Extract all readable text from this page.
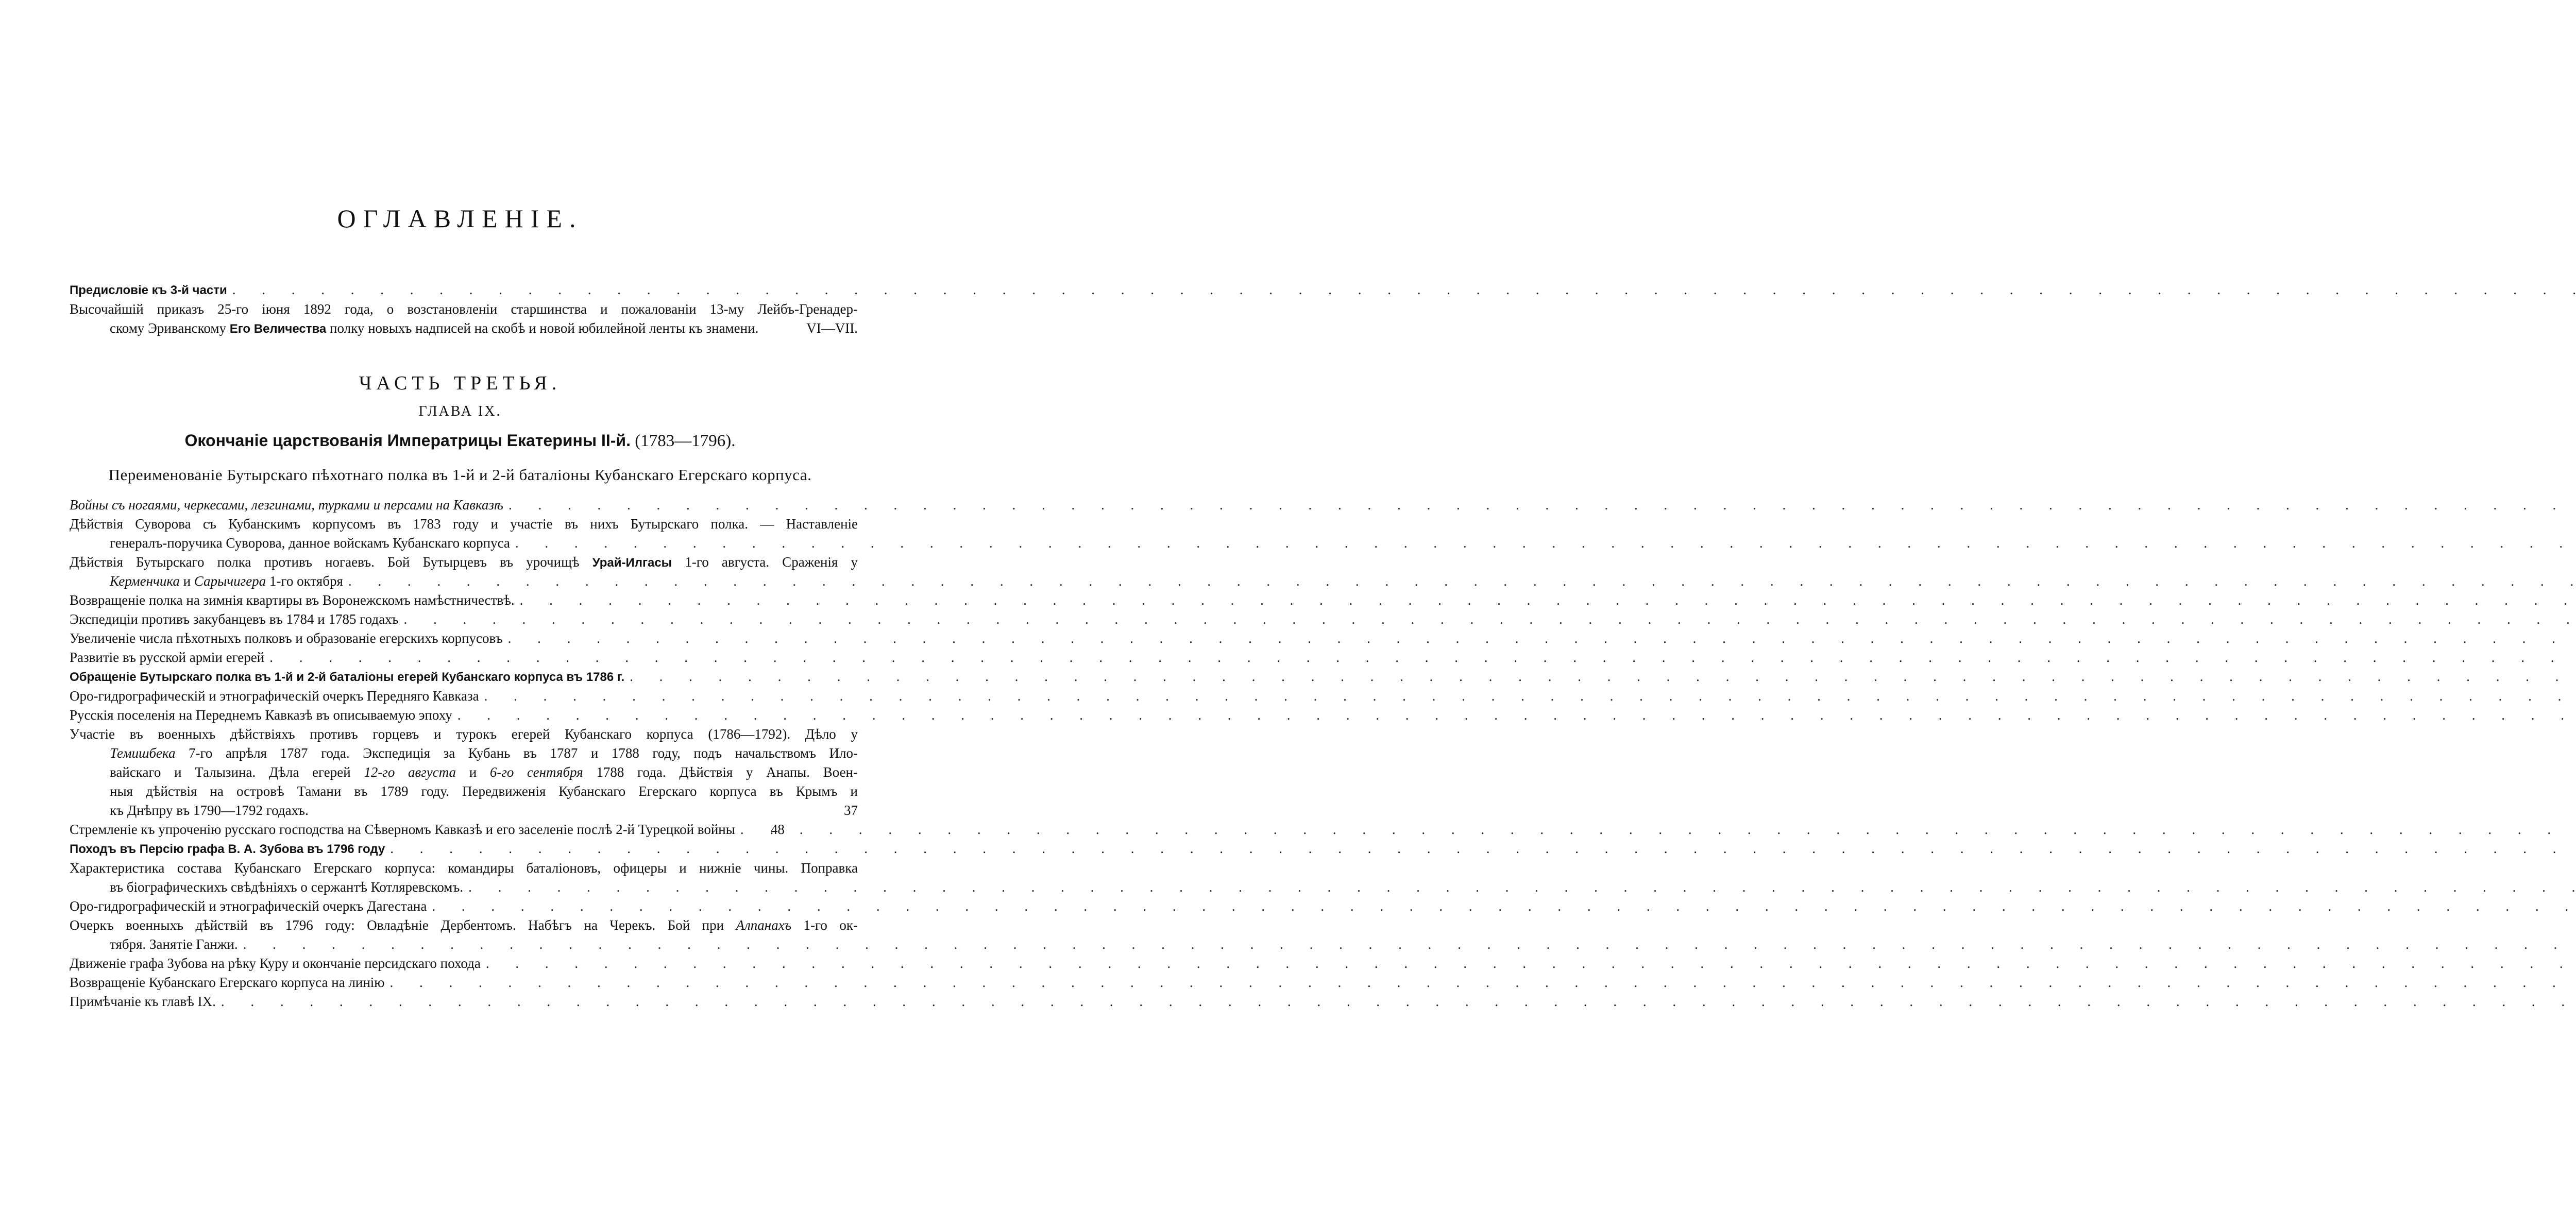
ОГЛАВЛЕНІЕ.
Предисловіе къ 3-й части
. . .
Высочайшій приказъ 25-го іюня 1892 года, о возстановленіи старшинства и пожалованіи 13-му Лейбъ-Гренадер-
скому Эриванскому Его Величества полку новыхъ надписей на скобѣ и новой юбилейной ленты къ знамени.	VI—VII.
ЧАСТЬ ТРЕТЬЯ.
ГЛАВА IX.
Окончаніе царствованія Императрицы Екатерины II-й. (1783—1796).
Переименованіе Бутырскаго пѣхотнаго полка въ 1-й и 2-й баталіоны Кубанскаго Егерскаго корпуса.
Войны съ ногаями, черкесами, лезгинами, турками и персами на Кавказѣ
. . .
Дѣйствія Суворова съ Кубанскимъ корпусомъ въ 1783 году и участіе въ нихъ Бутырскаго полка. — Наставленіе
генералъ-поручика Суворова, данное войскамъ Кубанскаго корпуса
. . .
Дѣйствія Бутырскаго полка противъ ногаевъ. Бой Бутырцевъ въ урочищѣ Урай-Илгасы 1-го августа. Сраженія у
Керменчика и Сарычигера 1-го октября
. . .
Возвращеніе полка на зимнія квартиры въ Воронежскомъ намѣстничествѣ.
. . .
Экспедиціи противъ закубанцевъ въ 1784 и 1785 годахъ
. . .
Увеличеніе числа пѣхотныхъ полковъ и образованіе егерскихъ корпусовъ
. . .
Развитіе въ русской арміи егерей
. . .
Обращеніе Бутырскаго полка въ 1-й и 2-й баталіоны егерей Кубанскаго корпуса въ 1786 г.
. . .
Оро-гидрографическій и этнографическій очеркъ Передняго Кавказа
. . .
Русскія поселенія на Переднемъ Кавказѣ въ описываемую эпоху
. . .
Участіе въ военныхъ дѣйствіяхъ противъ горцевъ и турокъ егерей Кубанскаго корпуса (1786—1792). Дѣло у
Темишбека 7-го апрѣля 1787 года. Экспедиція за Кубань въ 1787 и 1788 году, подъ начальствомъ Ило-
вайскаго и Талызина. Дѣла егерей 12-го августа и 6-го сентября 1788 года. Дѣйствія у Анапы. Воен-
ныя дѣйствія на островѣ Тамани въ 1789 году. Передвиженія Кубанскаго Егерскаго корпуса въ Крымъ и
къ Днѣпру въ 1790—1792 годахъ.	37
Стремленіе къ упроченію русскаго господства на Сѣверномъ Кавказѣ и его заселеніе послѣ 2-й Турецкой войны
. . .	48
Походъ въ Персію графа В. А. Зубова въ 1796 году
. . .
Характеристика состава Кубанскаго Егерскаго корпуса: командиры баталіоновъ, офицеры и нижніе чины. Поправка
въ біографическихъ свѣдѣніяхъ о сержантѣ Котляревскомъ.
. . .
Оро-гидрографическій и этнографическій очеркъ Дагестана
. . .
Очеркъ военныхъ дѣйствій въ 1796 году: Овладѣніе Дербентомъ. Набѣгъ на Черекъ. Бой при Алпанахъ 1-го ок-
тября. Занятіе Ганжи.
. . .
Движеніе графа Зубова на рѣку Куру и окончаніе персидскаго похода
. . .
Возвращеніе Кубанскаго Егерскаго корпуса на линію
. . .
Примѣчаніе къ главѣ IX.
. . .
